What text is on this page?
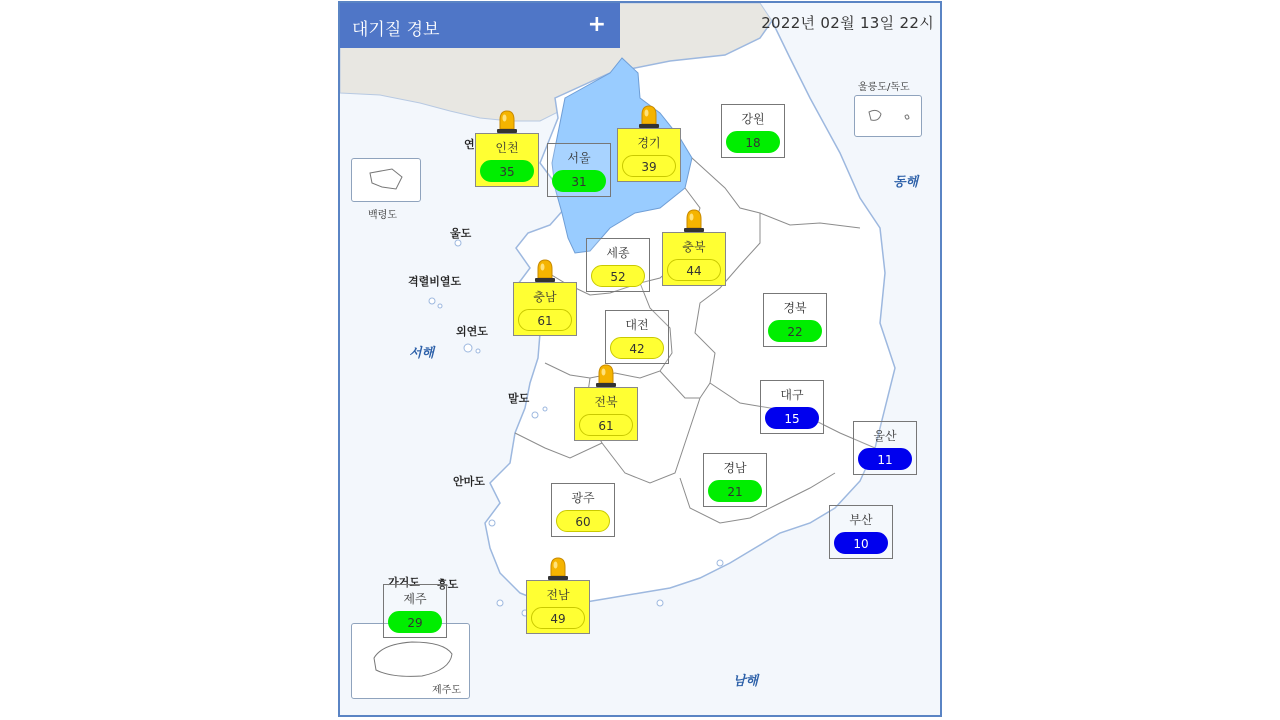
대기질 경보	+	2022년 02월 13일 22시
울릉도/독도
백령도
제주도
연
울도
격렬비열도
외연도
말도
안마도
가거도 홍도
동해
서해
남해
인천
35
서울
31
경기
39
강원
18
세종
52
충북
44
충남
61	대전
42
경북
22
전북
61
대구
15
울산
11
경남
21
광주
60	부산
10
제주
29
전남
49
